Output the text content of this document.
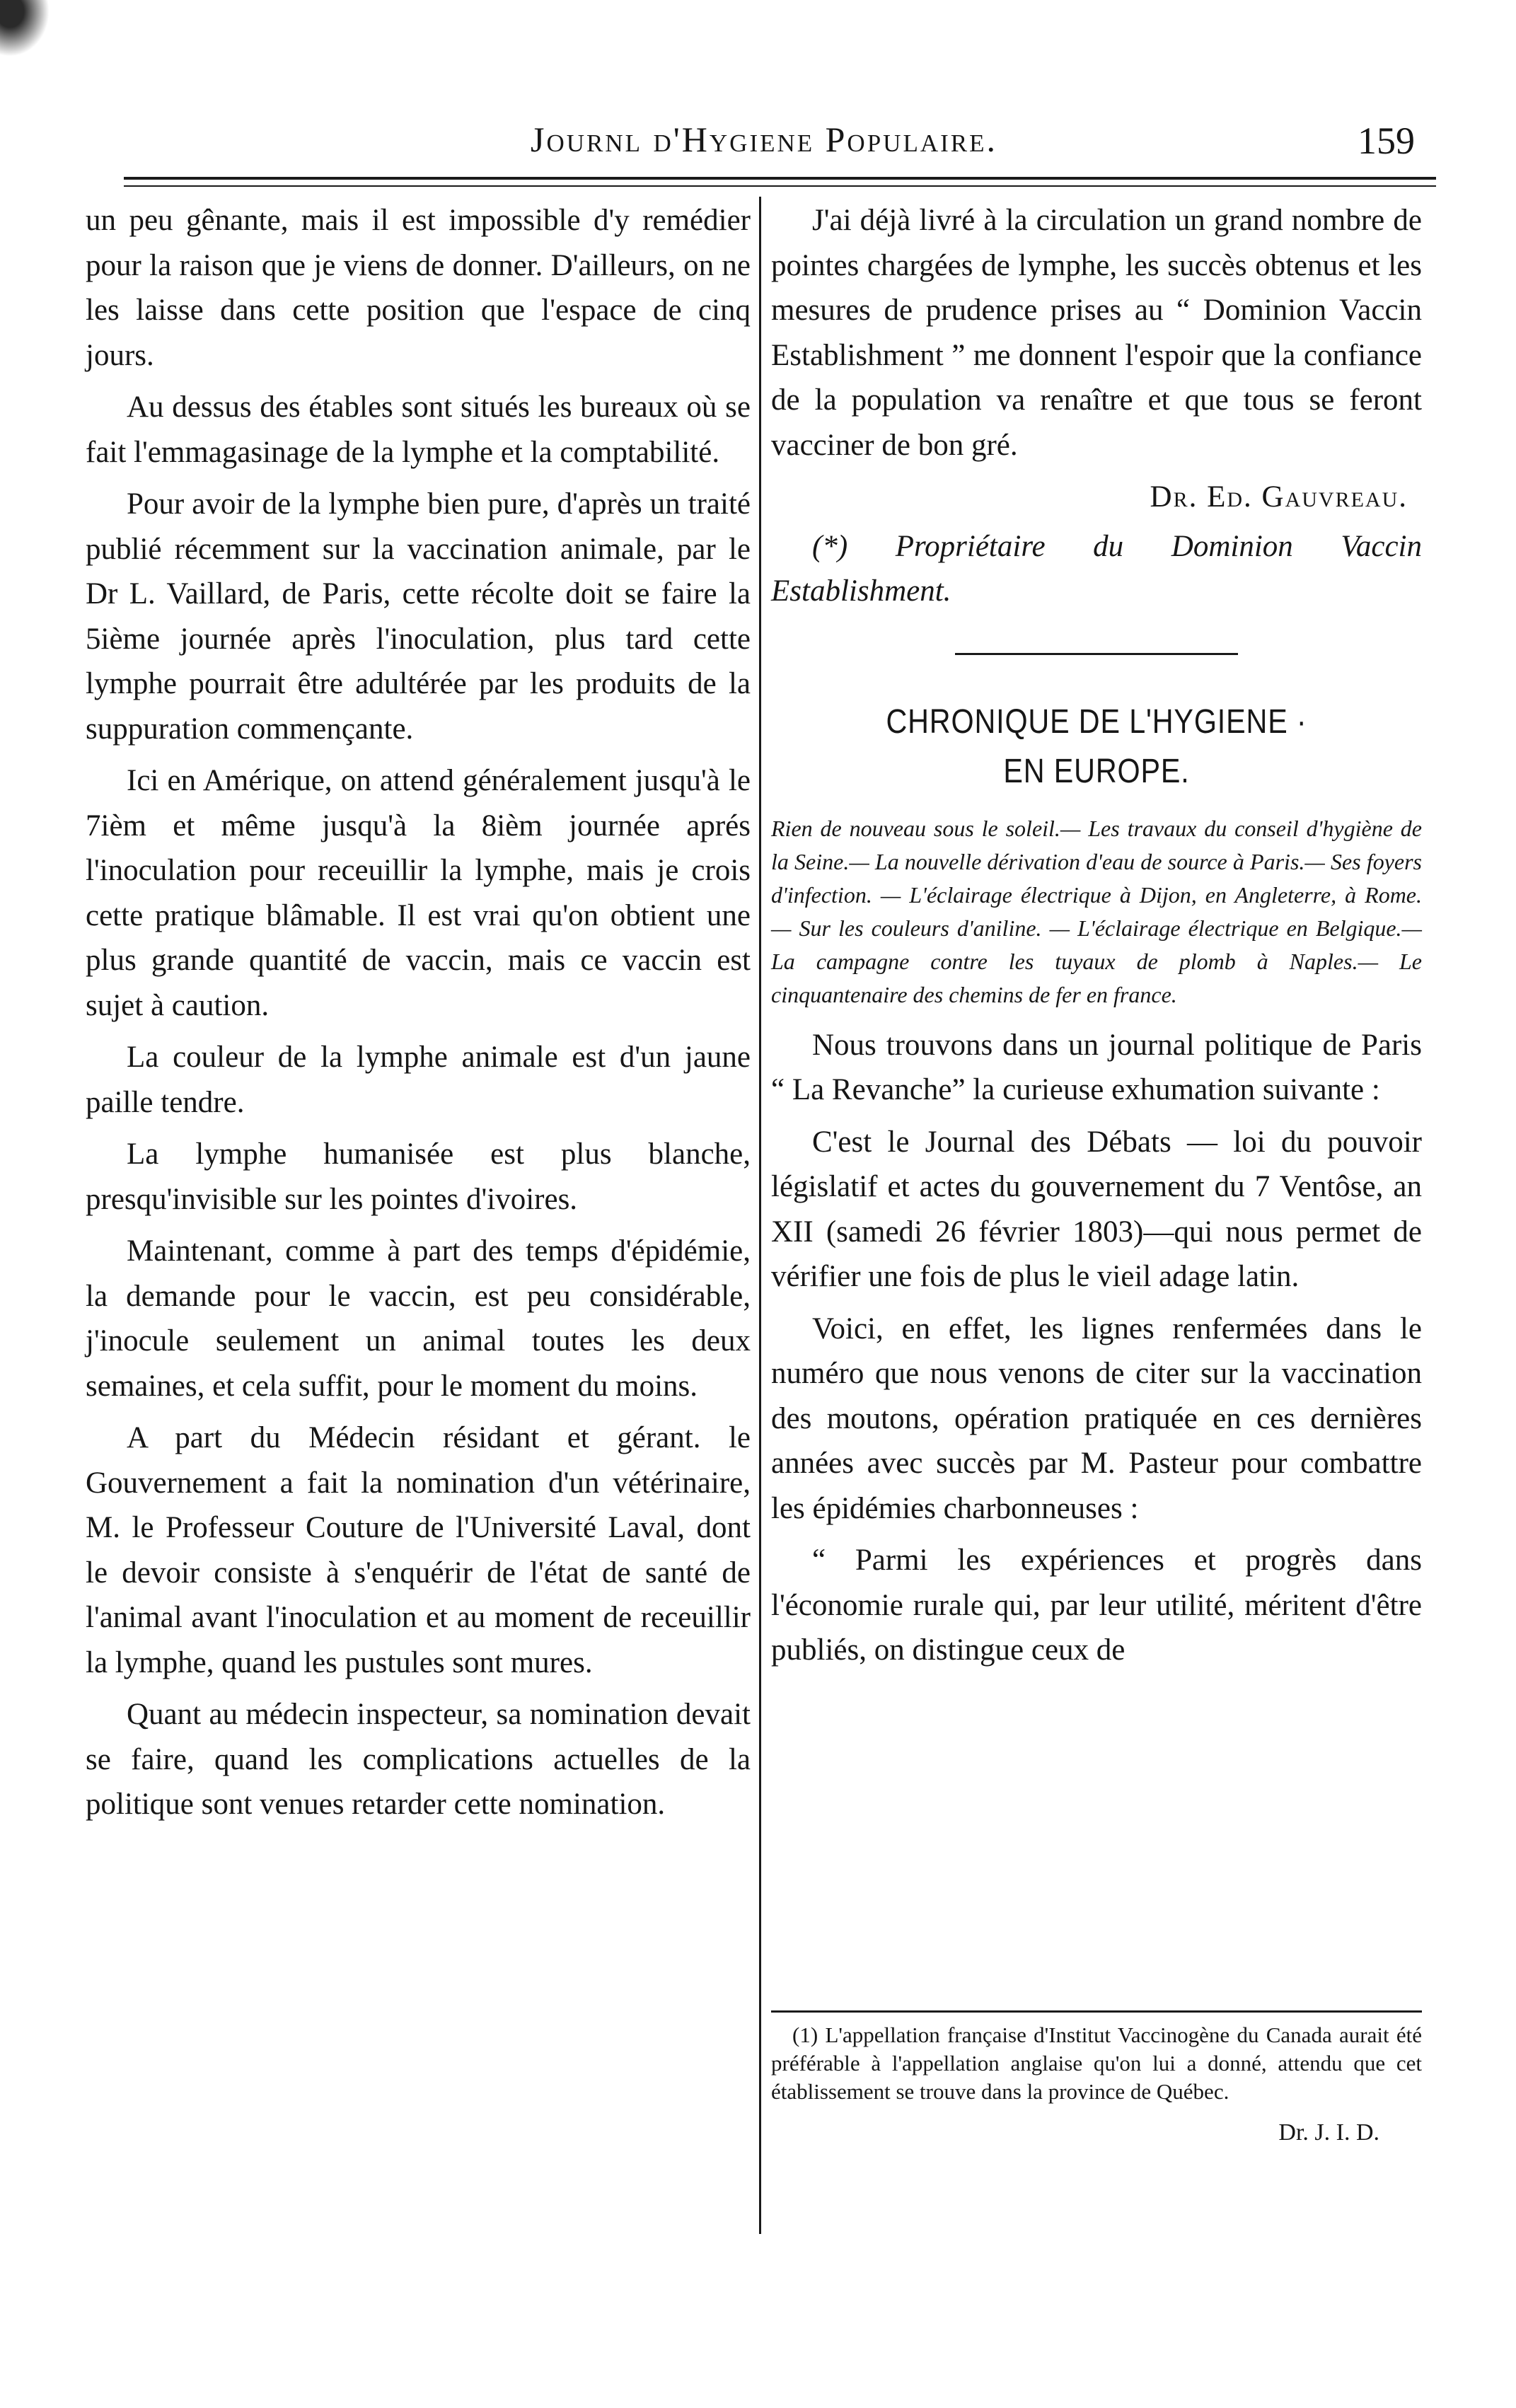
Journl d'Hygiene Populaire.	159

un peu gênante, mais il est impossible d'y remédier pour la raison que je viens de donner. D'ailleurs, on ne les laisse dans cette position que l'espace de cinq jours.

Au dessus des étables sont situés les bureaux où se fait l'emmagasinage de la lymphe et la comptabilité.

Pour avoir de la lymphe bien pure, d'après un traité publié récemment sur la vaccination animale, par le Dr L. Vaillard, de Paris, cette récolte doit se faire la 5ième journée après l'inoculation, plus tard cette lymphe pourrait être adultérée par les produits de la suppuration commençante.

Ici en Amérique, on attend généralement jusqu'à le 7ièm et même jusqu'à la 8ièm journée aprés l'inoculation pour receuillir la lymphe, mais je crois cette pratique blâmable. Il est vrai qu'on obtient une plus grande quantité de vaccin, mais ce vaccin est sujet à caution.

La couleur de la lymphe animale est d'un jaune paille tendre.

La lymphe humanisée est plus blanche, presqu'invisible sur les pointes d'ivoires.

Maintenant, comme à part des temps d'épidémie, la demande pour le vaccin, est peu considérable, j'inocule seulement un animal toutes les deux semaines, et cela suffit, pour le moment du moins.

A part du Médecin résidant et gérant. le Gouvernement a fait la nomination d'un vétérinaire, M. le Professeur Couture de l'Université Laval, dont le devoir consiste à s'enquérir de l'état de santé de l'animal avant l'inoculation et au moment de receuillir la lymphe, quand les pustules sont mures.

Quant au médecin inspecteur, sa nomination devait se faire, quand les complications actuelles de la politique sont venues retarder cette nomination.

J'ai déjà livré à la circulation un grand nombre de pointes chargées de lymphe, les succès obtenus et les mesures de prudence prises au “ Dominion Vaccin Establishment ” me donnent l'espoir que la confiance de la population va renaître et que tous se feront vacciner de bon gré.

Dr. Ed. Gauvreau.

(*) Propriétaire du Dominion Vaccin Establishment.

CHRONIQUE DE L'HYGIENE ·
EN EUROPE.
Rien de nouveau sous le soleil.— Les travaux du conseil d'hygiène de la Seine.— La nouvelle dérivation d'eau de source à Paris.— Ses foyers d'infection. — L'éclairage électrique à Dijon, en Angleterre, à Rome. — Sur les couleurs d'aniline. — L'éclairage électrique en Belgique.— La campagne contre les tuyaux de plomb à Naples.— Le cinquantenaire des chemins de fer en france.

Nous trouvons dans un journal politique de Paris “ La Revanche” la curieuse exhumation suivante :

C'est le Journal des Débats — loi du pouvoir législatif et actes du gouvernement du 7 Ventôse, an XII (samedi 26 février 1803)—qui nous permet de vérifier une fois de plus le vieil adage latin.

Voici, en effet, les lignes renfermées dans le numéro que nous venons de citer sur la vaccination des moutons, opération pratiquée en ces dernières années avec succès par M. Pasteur pour combattre les épidémies charbonneuses :

“ Parmi les expériences et progrès dans l'économie rurale qui, par leur utilité, méritent d'être publiés, on distingue ceux de

(1) L'appellation française d'Institut Vaccinogène du Canada aurait été préférable à l'appellation anglaise qu'on lui a donné, attendu que cet établissement se trouve dans la province de Québec.

Dr. J. I. D.
